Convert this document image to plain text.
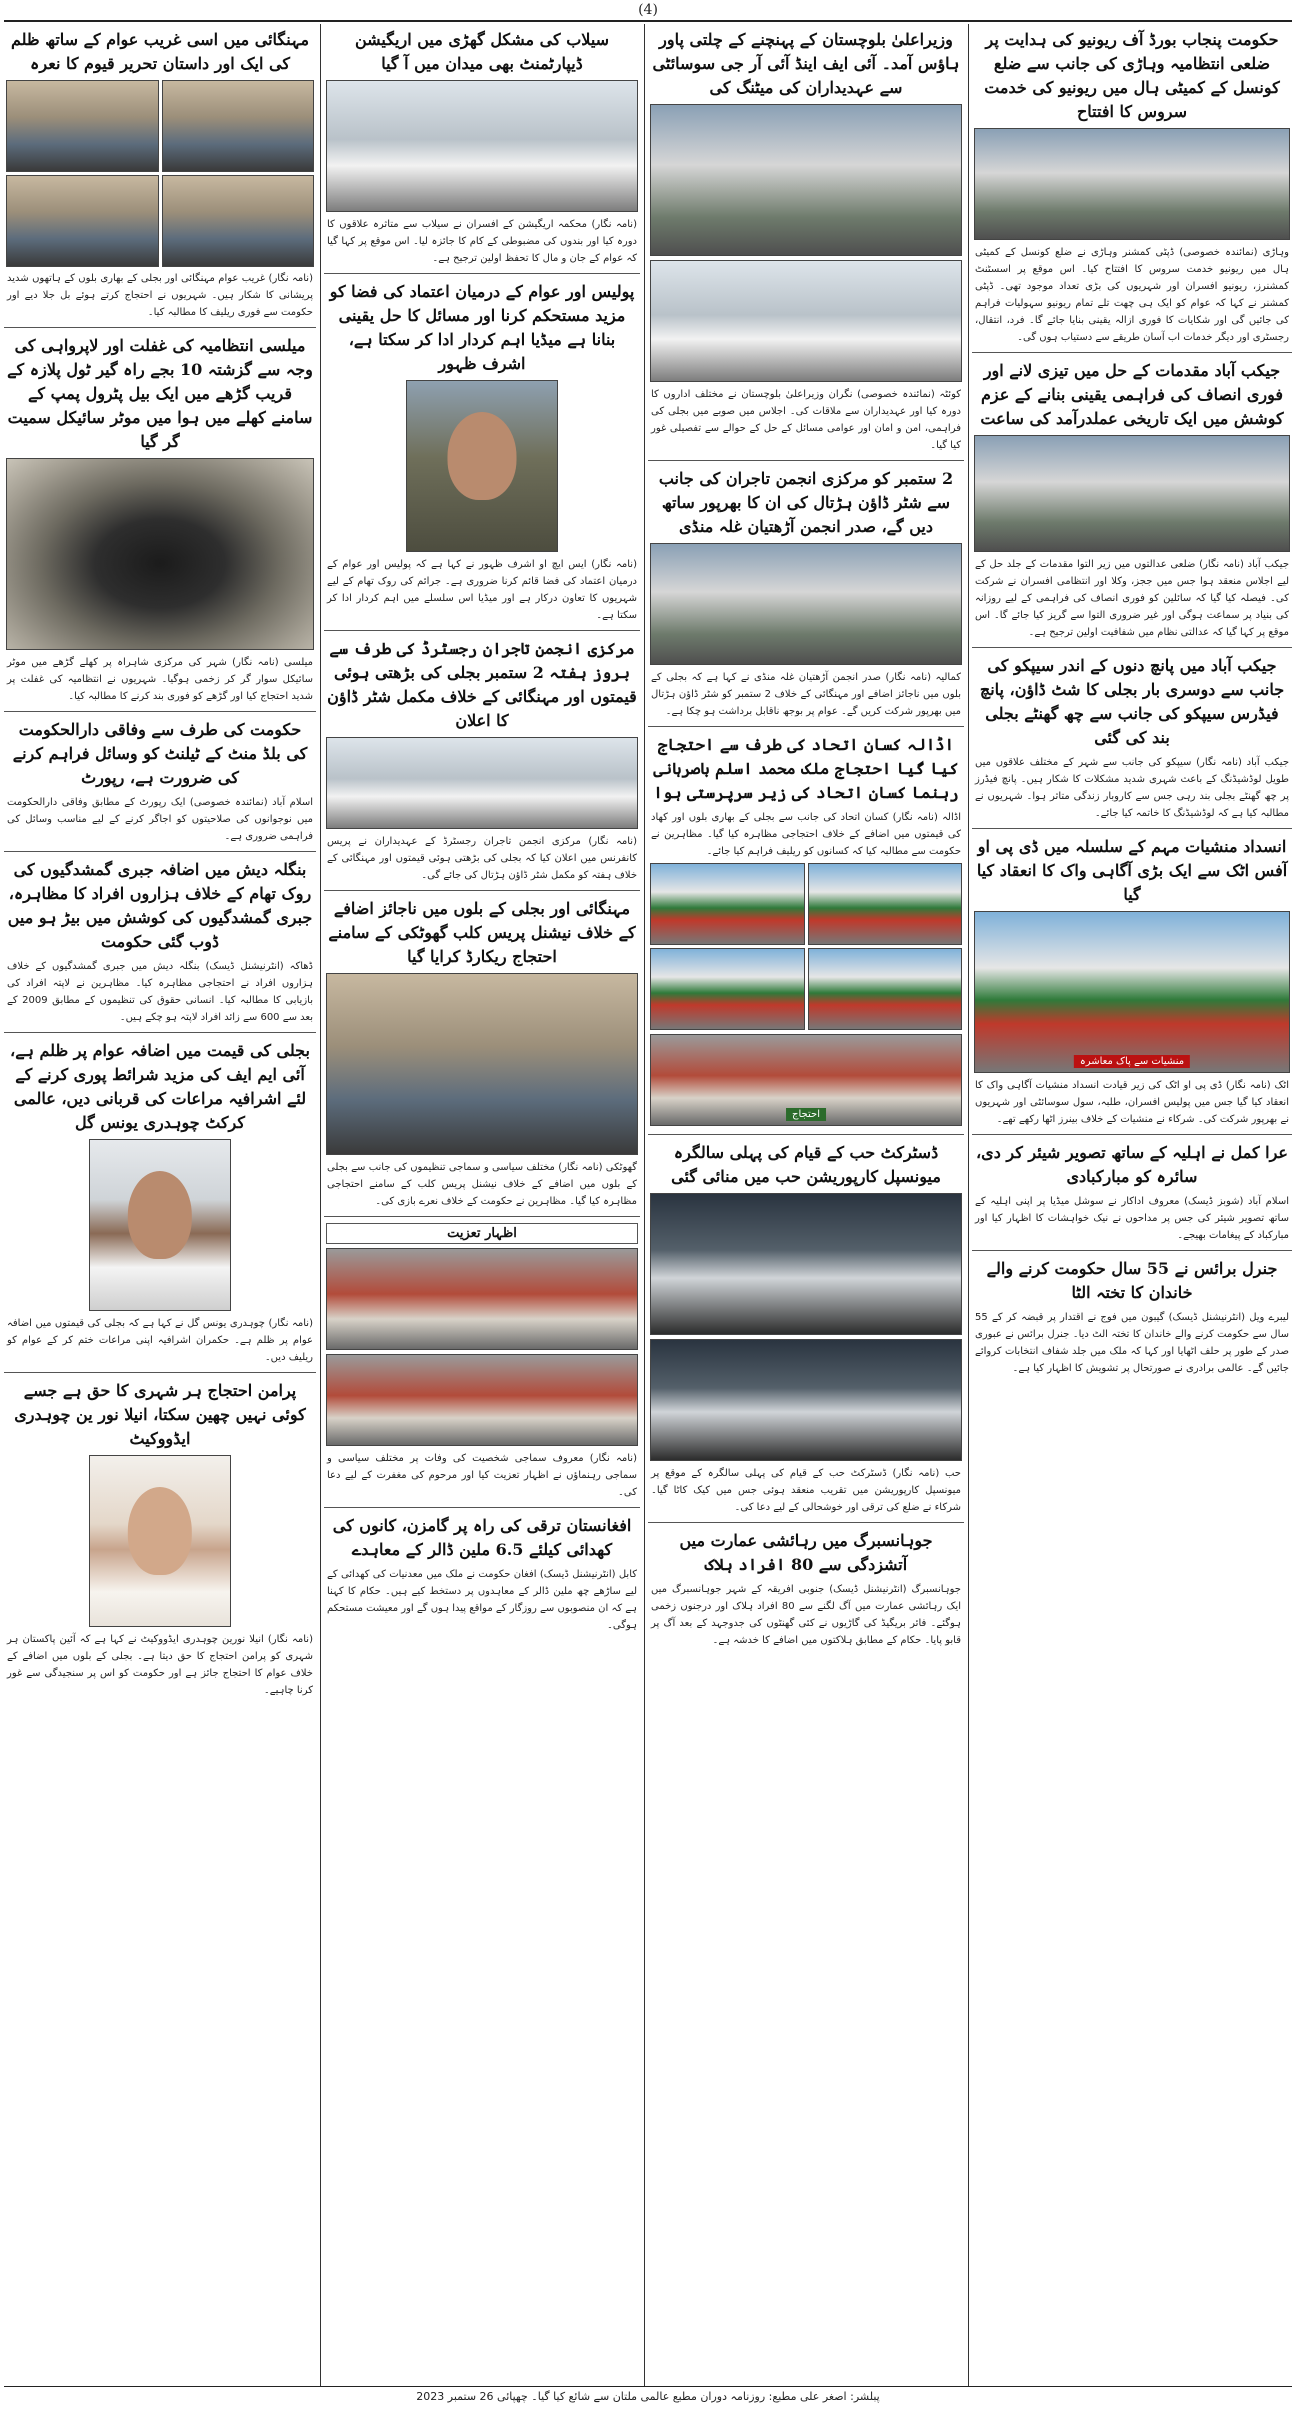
(4)
حکومت پنجاب بورڈ آف ریونیو کی ہدایت پر ضلعی انتظامیہ وہاڑی کی جانب سے ضلع کونسل کے کمیٹی ہال میں ریونیو کی خدمت سروس کا افتتاح
وہاڑی (نمائندہ خصوصی) ڈپٹی کمشنر وہاڑی نے ضلع کونسل کے کمیٹی ہال میں ریونیو خدمت سروس کا افتتاح کیا۔ اس موقع پر اسسٹنٹ کمشنرز، ریونیو افسران اور شہریوں کی بڑی تعداد موجود تھی۔ ڈپٹی کمشنر نے کہا کہ عوام کو ایک ہی چھت تلے تمام ریونیو سہولیات فراہم کی جائیں گی اور شکایات کا فوری ازالہ یقینی بنایا جائے گا۔ فرد، انتقال، رجسٹری اور دیگر خدمات اب آسان طریقے سے دستیاب ہوں گی۔
جیکب آباد مقدمات کے حل میں تیزی لانے اور فوری انصاف کی فراہمی یقینی بنانے کے عزم کوشش میں ایک تاریخی عملدرآمد کی ساعت
جیکب آباد (نامہ نگار) ضلعی عدالتوں میں زیر التوا مقدمات کے جلد حل کے لیے اجلاس منعقد ہوا جس میں ججز، وکلا اور انتظامی افسران نے شرکت کی۔ فیصلہ کیا گیا کہ سائلین کو فوری انصاف کی فراہمی کے لیے روزانہ کی بنیاد پر سماعت ہوگی اور غیر ضروری التوا سے گریز کیا جائے گا۔ اس موقع پر کہا گیا کہ عدالتی نظام میں شفافیت اولین ترجیح ہے۔
جیکب آباد میں پانچ دنوں کے اندر سیپکو کی جانب سے دوسری بار بجلی کا شٹ ڈاؤن، پانچ فیڈرس سیپکو کی جانب سے چھ گھنٹے بجلی بند کی گئی
جیکب آباد (نامہ نگار) سیپکو کی جانب سے شہر کے مختلف علاقوں میں طویل لوڈشیڈنگ کے باعث شہری شدید مشکلات کا شکار ہیں۔ پانچ فیڈرز پر چھ گھنٹے بجلی بند رہی جس سے کاروبار زندگی متاثر ہوا۔ شہریوں نے مطالبہ کیا ہے کہ لوڈشیڈنگ کا خاتمہ کیا جائے۔
انسداد منشیات مہم کے سلسلہ میں ڈی پی او آفس اٹک سے ایک بڑی آگاہی واک کا انعقاد کیا گیا
منشیات سے پاک معاشرہ
اٹک (نامہ نگار) ڈی پی او اٹک کی زیر قیادت انسداد منشیات آگاہی واک کا انعقاد کیا گیا جس میں پولیس افسران، طلبہ، سول سوسائٹی اور شہریوں نے بھرپور شرکت کی۔ شرکاء نے منشیات کے خلاف بینرز اٹھا رکھے تھے۔
عرا کمل نے اہلیہ کے ساتھ تصویر شیئر کر دی، سائرہ کو مبارکبادی
اسلام آباد (شوبز ڈیسک) معروف اداکار نے سوشل میڈیا پر اپنی اہلیہ کے ساتھ تصویر شیئر کی جس پر مداحوں نے نیک خواہشات کا اظہار کیا اور مبارکباد کے پیغامات بھیجے۔
جنرل برائس نے 55 سال حکومت کرنے والے خاندان کا تختہ الٹا
لیبرے ویل (انٹرنیشنل ڈیسک) گیبون میں فوج نے اقتدار پر قبضہ کر کے 55 سال سے حکومت کرنے والے خاندان کا تختہ الٹ دیا۔ جنرل برائس نے عبوری صدر کے طور پر حلف اٹھایا اور کہا کہ ملک میں جلد شفاف انتخابات کروائے جائیں گے۔ عالمی برادری نے صورتحال پر تشویش کا اظہار کیا ہے۔
وزیراعلیٰ بلوچستان کے پہنچنے کے چلتی پاور ہاؤس آمد۔ آئی ایف اینڈ آئی آر جی سوسائٹی سے عہدیداران کی میٹنگ کی
کوئٹہ (نمائندہ خصوصی) نگران وزیراعلیٰ بلوچستان نے مختلف اداروں کا دورہ کیا اور عہدیداران سے ملاقات کی۔ اجلاس میں صوبے میں بجلی کی فراہمی، امن و امان اور عوامی مسائل کے حل کے حوالے سے تفصیلی غور کیا گیا۔
2 ستمبر کو مرکزی انجمن تاجران کی جانب سے شٹر ڈاؤن ہڑتال کی ان کا بھرپور ساتھ دیں گے، صدر انجمن آڑھتیان غلہ منڈی
کمالیہ (نامہ نگار) صدر انجمن آڑھتیان غلہ منڈی نے کہا ہے کہ بجلی کے بلوں میں ناجائز اضافے اور مہنگائی کے خلاف 2 ستمبر کو شٹر ڈاؤن ہڑتال میں بھرپور شرکت کریں گے۔ عوام پر بوجھ ناقابل برداشت ہو چکا ہے۔
اڈالہ کسان اتحاد کی طرف سے احتجاج کیا گیا احتجاج ملک محمد اسلم باصرہانی رہنما کسان اتحاد کی زیر سرپرستی ہوا
اڈالہ (نامہ نگار) کسان اتحاد کی جانب سے بجلی کے بھاری بلوں اور کھاد کی قیمتوں میں اضافے کے خلاف احتجاجی مظاہرہ کیا گیا۔ مظاہرین نے حکومت سے مطالبہ کیا کہ کسانوں کو ریلیف فراہم کیا جائے۔
احتجاج
ڈسٹرکٹ حب کے قیام کی پہلی سالگرہ میونسپل کارپوریشن حب میں منائی گئی
حب (نامہ نگار) ڈسٹرکٹ حب کے قیام کی پہلی سالگرہ کے موقع پر میونسپل کارپوریشن میں تقریب منعقد ہوئی جس میں کیک کاٹا گیا۔ شرکاء نے ضلع کی ترقی اور خوشحالی کے لیے دعا کی۔
جوہانسبرگ میں رہائشی عمارت میں آتشزدگی سے 80 افراد ہلاک
جوہانسبرگ (انٹرنیشنل ڈیسک) جنوبی افریقہ کے شہر جوہانسبرگ میں ایک رہائشی عمارت میں آگ لگنے سے 80 افراد ہلاک اور درجنوں زخمی ہوگئے۔ فائر بریگیڈ کی گاڑیوں نے کئی گھنٹوں کی جدوجہد کے بعد آگ پر قابو پایا۔ حکام کے مطابق ہلاکتوں میں اضافے کا خدشہ ہے۔
سیلاب کی مشکل گھڑی میں اریگیشن ڈیپارٹمنٹ بھی میدان میں آ گیا
(نامہ نگار) محکمہ اریگیشن کے افسران نے سیلاب سے متاثرہ علاقوں کا دورہ کیا اور بندوں کی مضبوطی کے کام کا جائزہ لیا۔ اس موقع پر کہا گیا کہ عوام کے جان و مال کا تحفظ اولین ترجیح ہے۔
پولیس اور عوام کے درمیان اعتماد کی فضا کو مزید مستحکم کرنا اور مسائل کا حل یقینی بنانا ہے میڈیا اہم کردار ادا کر سکتا ہے، اشرف ظہور
(نامہ نگار) ایس ایچ او اشرف ظہور نے کہا ہے کہ پولیس اور عوام کے درمیان اعتماد کی فضا قائم کرنا ضروری ہے۔ جرائم کی روک تھام کے لیے شہریوں کا تعاون درکار ہے اور میڈیا اس سلسلے میں اہم کردار ادا کر سکتا ہے۔
مرکزی انجمن تاجران رجسٹرڈ کی طرف سے بروز ہفتہ 2 ستمبر بجلی کی بڑھتی ہوئی قیمتوں اور مہنگائی کے خلاف مکمل شٹر ڈاؤن کا اعلان
(نامہ نگار) مرکزی انجمن تاجران رجسٹرڈ کے عہدیداران نے پریس کانفرنس میں اعلان کیا کہ بجلی کی بڑھتی ہوئی قیمتوں اور مہنگائی کے خلاف ہفتہ کو مکمل شٹر ڈاؤن ہڑتال کی جائے گی۔
مہنگائی اور بجلی کے بلوں میں ناجائز اضافے کے خلاف نیشنل پریس کلب گھوٹکی کے سامنے احتجاج ریکارڈ کرایا گیا
گھوٹکی (نامہ نگار) مختلف سیاسی و سماجی تنظیموں کی جانب سے بجلی کے بلوں میں اضافے کے خلاف نیشنل پریس کلب کے سامنے احتجاجی مظاہرہ کیا گیا۔ مظاہرین نے حکومت کے خلاف نعرے بازی کی۔
اظہار تعزیت
(نامہ نگار) معروف سماجی شخصیت کی وفات پر مختلف سیاسی و سماجی رہنماؤں نے اظہار تعزیت کیا اور مرحوم کی مغفرت کے لیے دعا کی۔
افغانستان ترقی کی راہ پر گامزن، کانوں کی کھدائی کیلئے 6.5 ملین ڈالر کے معاہدے
کابل (انٹرنیشنل ڈیسک) افغان حکومت نے ملک میں معدنیات کی کھدائی کے لیے ساڑھے چھ ملین ڈالر کے معاہدوں پر دستخط کیے ہیں۔ حکام کا کہنا ہے کہ ان منصوبوں سے روزگار کے مواقع پیدا ہوں گے اور معیشت مستحکم ہوگی۔
مہنگائی میں اسی غریب عوام کے ساتھ ظلم کی ایک اور داستان تحریر قیوم کا نعرہ
(نامہ نگار) غریب عوام مہنگائی اور بجلی کے بھاری بلوں کے ہاتھوں شدید پریشانی کا شکار ہیں۔ شہریوں نے احتجاج کرتے ہوئے بل جلا دیے اور حکومت سے فوری ریلیف کا مطالبہ کیا۔
میلسی انتظامیہ کی غفلت اور لاپرواہی کی وجہ سے گزشتہ 10 بجے راہ گیر ٹول پلازہ کے قریب گڑھے میں ایک بیل پٹرول پمپ کے سامنے کھلے میں ہوا میں موٹر سائیکل سمیت گر گیا
میلسی (نامہ نگار) شہر کی مرکزی شاہراہ پر کھلے گڑھے میں موٹر سائیکل سوار گر کر زخمی ہوگیا۔ شہریوں نے انتظامیہ کی غفلت پر شدید احتجاج کیا اور گڑھے کو فوری بند کرنے کا مطالبہ کیا۔
حکومت کی طرف سے وفاقی دارالحکومت کی بلڈ منٹ کے ٹیلنٹ کو وسائل فراہم کرنے کی ضرورت ہے، رپورٹ
اسلام آباد (نمائندہ خصوصی) ایک رپورٹ کے مطابق وفاقی دارالحکومت میں نوجوانوں کی صلاحیتوں کو اجاگر کرنے کے لیے مناسب وسائل کی فراہمی ضروری ہے۔
بنگلہ دیش میں اضافہ جبری گمشدگیوں کی روک تھام کے خلاف ہزاروں افراد کا مظاہرہ، جبری گمشدگیوں کی کوشش میں بیڑ ہو میں ڈوب گئی حکومت
ڈھاکہ (انٹرنیشنل ڈیسک) بنگلہ دیش میں جبری گمشدگیوں کے خلاف ہزاروں افراد نے احتجاجی مظاہرہ کیا۔ مظاہرین نے لاپتہ افراد کی بازیابی کا مطالبہ کیا۔ انسانی حقوق کی تنظیموں کے مطابق 2009 کے بعد سے 600 سے زائد افراد لاپتہ ہو چکے ہیں۔
بجلی کی قیمت میں اضافہ عوام پر ظلم ہے، آئی ایم ایف کی مزید شرائط پوری کرنے کے لئے اشرافیہ مراعات کی قربانی دیں، عالمی کرکٹ چوہدری یونس گل
(نامہ نگار) چوہدری یونس گل نے کہا ہے کہ بجلی کی قیمتوں میں اضافہ عوام پر ظلم ہے۔ حکمران اشرافیہ اپنی مراعات ختم کر کے عوام کو ریلیف دیں۔
پرامن احتجاج ہر شہری کا حق ہے جسے کوئی نہیں چھین سکتا، انیلا نور ین چوہدری ایڈووکیٹ
(نامہ نگار) انیلا نورین چوہدری ایڈووکیٹ نے کہا ہے کہ آئین پاکستان ہر شہری کو پرامن احتجاج کا حق دیتا ہے۔ بجلی کے بلوں میں اضافے کے خلاف عوام کا احتجاج جائز ہے اور حکومت کو اس پر سنجیدگی سے غور کرنا چاہیے۔
پبلشر: اصغر علی مطبع: روزنامہ دوران مطبع عالمی ملتان سے شائع کیا گیا۔ چھپائی 26 ستمبر 2023
